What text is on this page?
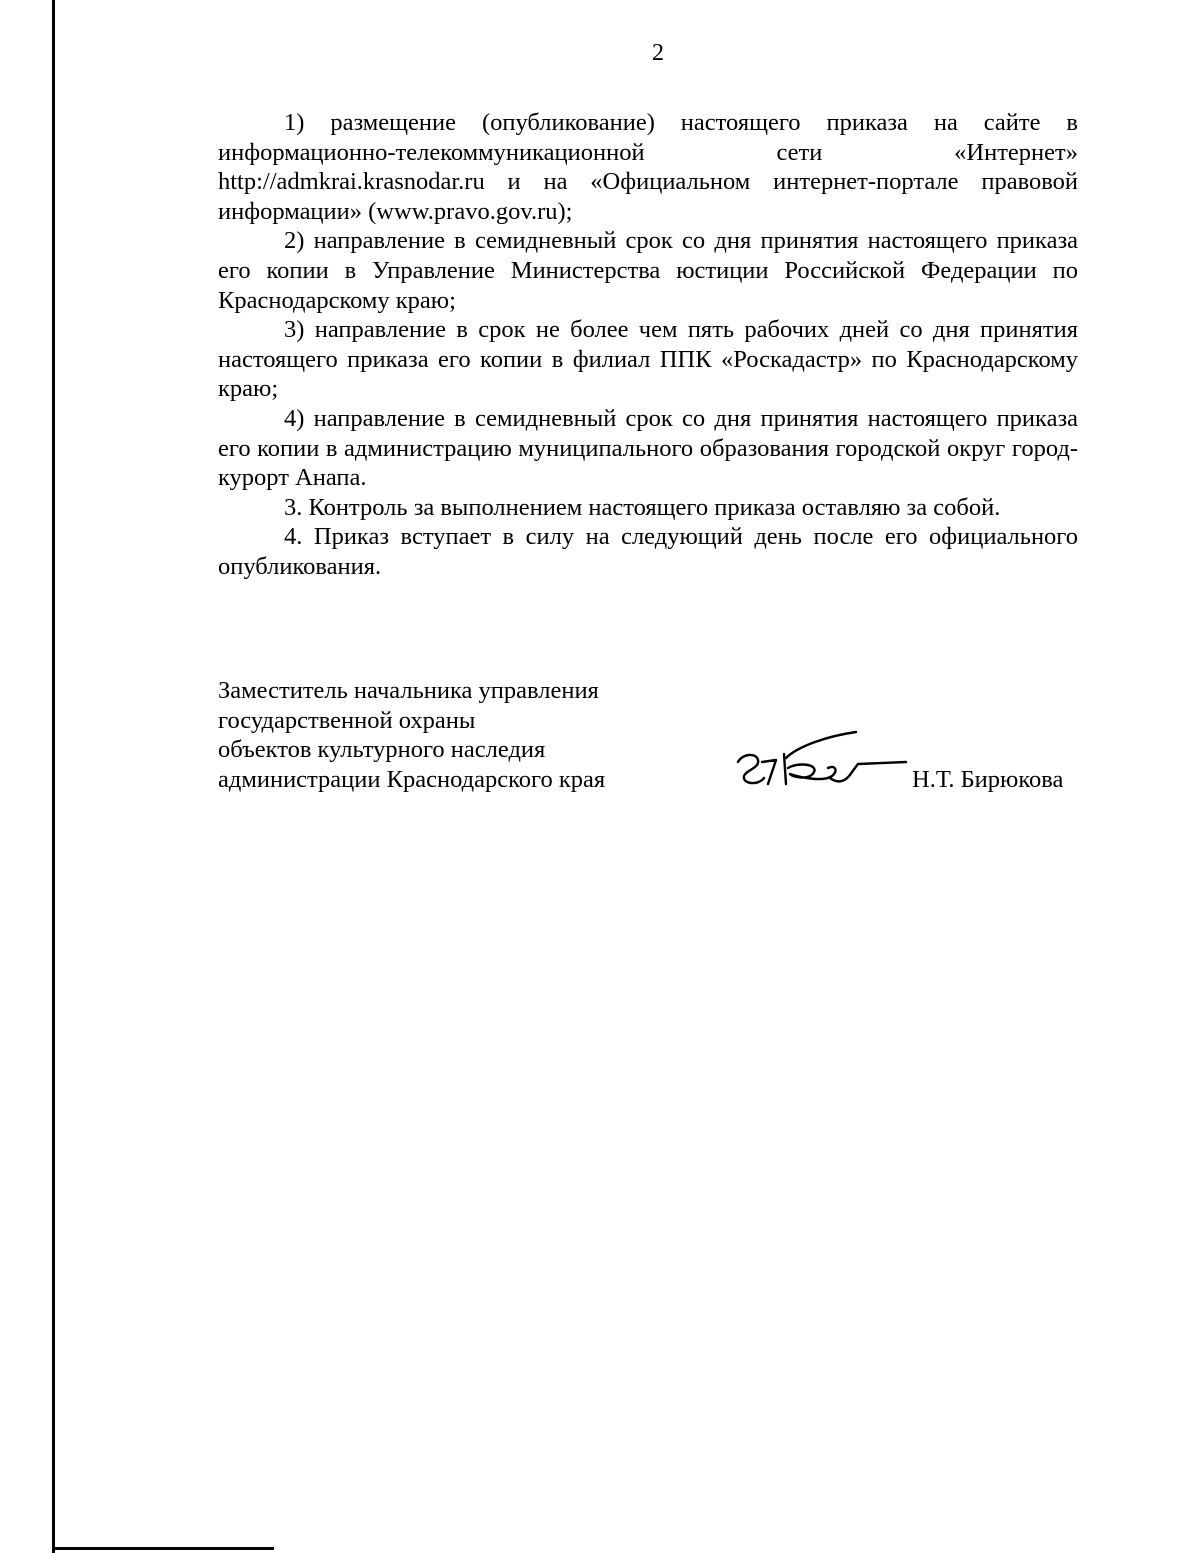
2

1) размещение (опубликование) настоящего приказа на сайте в информационно-телекоммуникационной сети «Интернет» http://admkrai.krasnodar.ru и на «Официальном интернет-портале правовой информации» (www.pravo.gov.ru);

2) направление в семидневный срок со дня принятия настоящего приказа его копии в Управление Министерства юстиции Российской Федерации по Краснодарскому краю;

3) направление в срок не более чем пять рабочих дней со дня принятия настоящего приказа его копии в филиал ППК «Роскадастр» по Краснодарскому краю;

4) направление в семидневный срок со дня принятия настоящего приказа его копии в администрацию муниципального образования городской округ город-курорт Анапа.

3. Контроль за выполнением настоящего приказа оставляю за собой.

4. Приказ вступает в силу на следующий день после его официального опубликования.

Заместитель начальника управления
государственной охраны
объектов культурного наследия
администрации Краснодарского края	Н.Т. Бирюкова
